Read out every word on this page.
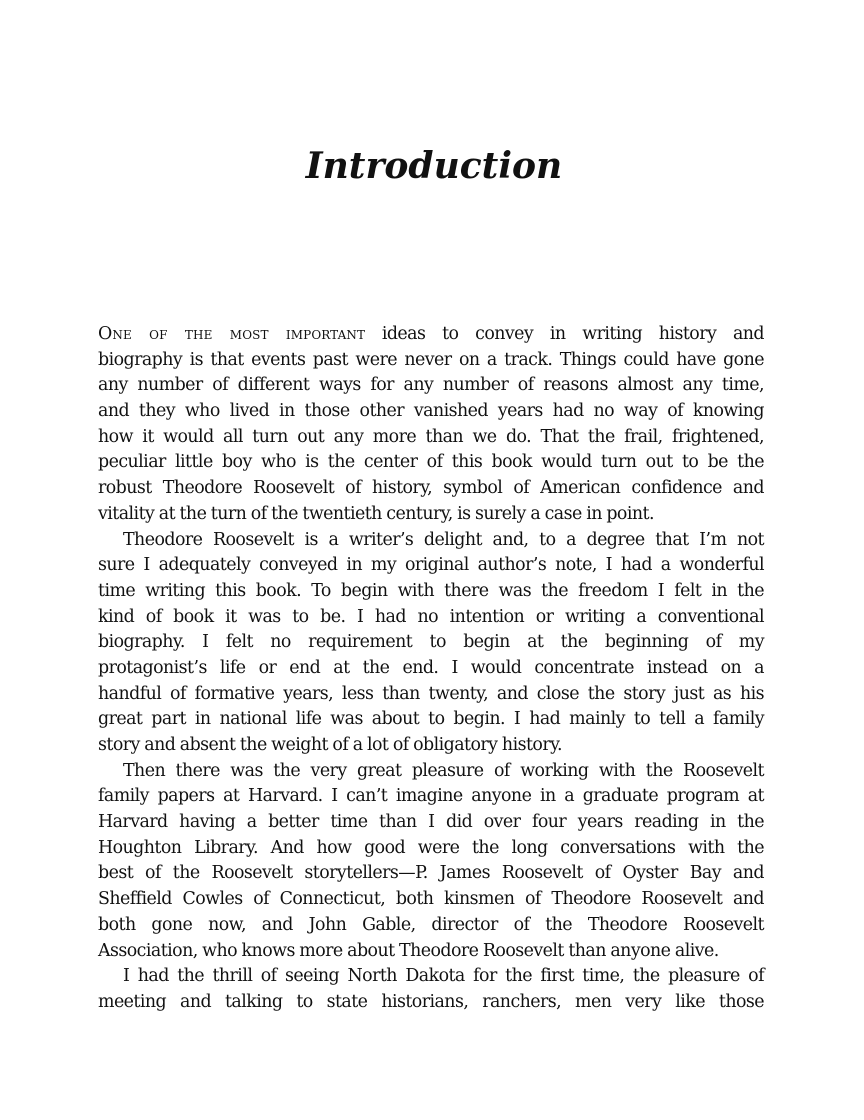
Introduction
One of the most important ideas to convey in writing history and
biography is that events past were never on a track. Things could have gone
any number of different ways for any number of reasons almost any time,
and they who lived in those other vanished years had no way of knowing
how it would all turn out any more than we do. That the frail, frightened,
peculiar little boy who is the center of this book would turn out to be the
robust Theodore Roosevelt of history, symbol of American confidence and
vitality at the turn of the twentieth century, is surely a case in point.
Theodore Roosevelt is a writer’s delight and, to a degree that I’m not
sure I adequately conveyed in my original author’s note, I had a wonderful
time writing this book. To begin with there was the freedom I felt in the
kind of book it was to be. I had no intention or writing a conventional
biography. I felt no requirement to begin at the beginning of my
protagonist’s life or end at the end. I would concentrate instead on a
handful of formative years, less than twenty, and close the story just as his
great part in national life was about to begin. I had mainly to tell a family
story and absent the weight of a lot of obligatory history.
Then there was the very great pleasure of working with the Roosevelt
family papers at Harvard. I can’t imagine anyone in a graduate program at
Harvard having a better time than I did over four years reading in the
Houghton Library. And how good were the long conversations with the
best of the Roosevelt storytellers—P. James Roosevelt of Oyster Bay and
Sheffield Cowles of Connecticut, both kinsmen of Theodore Roosevelt and
both gone now, and John Gable, director of the Theodore Roosevelt
Association, who knows more about Theodore Roosevelt than anyone alive.
I had the thrill of seeing North Dakota for the first time, the pleasure of
meeting and talking to state historians, ranchers, men very like those
